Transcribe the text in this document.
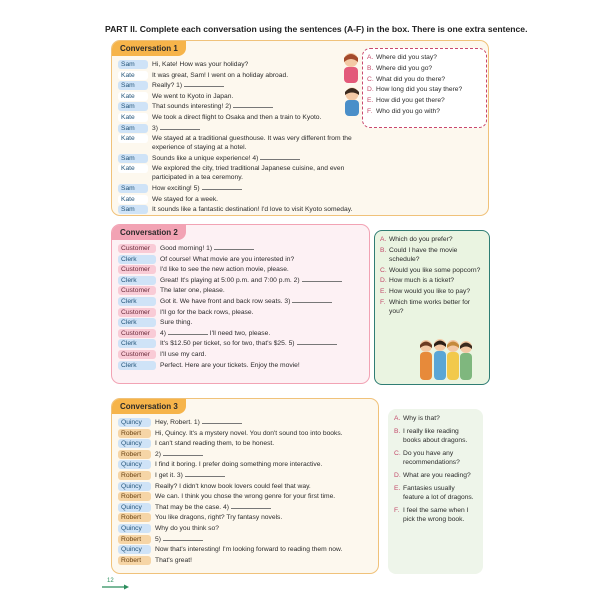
PART II. Complete each conversation using the sentences (A-F) in the box. There is one extra sentence.
Conversation 1
Sam	Hi, Kate! How was your holiday?
Kate	It was great, Sam! I went on a holiday abroad.
Sam	Really? 1)
Kate	We went to Kyoto in Japan.
Sam	That sounds interesting! 2)
Kate	We took a direct flight to Osaka and then a train to Kyoto.
Sam	3)
Kate	We stayed at a traditional guesthouse. It was very different from the experience of staying at a hotel.
Sam	Sounds like a unique experience! 4)
Kate	We explored the city, tried traditional Japanese cuisine, and even participated in a tea ceremony.
Sam	How exciting! 5)
Kate	We stayed for a week.
Sam	It sounds like a fantastic destination! I'd love to visit Kyoto someday.
A. Where did you stay?
B. Where did you go?
C. What did you do there?
D. How long did you stay there?
E. How did you get there?
F. Who did you go with?
Conversation 2
Customer	Good morning! 1)
Clerk	Of course! What movie are you interested in?
Customer	I'd like to see the new action movie, please.
Clerk	Great! It's playing at 5:00 p.m. and 7:00 p.m. 2)
Customer	The later one, please.
Clerk	Got it. We have front and back row seats. 3)
Customer	I'll go for the back rows, please.
Clerk	Sure thing.
Customer	4)	I'll need two, please.
Clerk	It's $12.50 per ticket, so for two, that's $25. 5)
Customer	I'll use my card.
Clerk	Perfect. Here are your tickets. Enjoy the movie!
A. Which do you prefer?
B. Could I have the movie schedule?
C. Would you like some popcorn?
D. How much is a ticket?
E. How would you like to pay?
F. Which time works better for you?
Conversation 3
Quincy	Hey, Robert. 1)
Robert	Hi, Quincy. It's a mystery novel. You don't sound too into books.
Quincy	I can't stand reading them, to be honest.
Robert	2)
Quincy	I find it boring. I prefer doing something more interactive.
Robert	I get it. 3)
Quincy	Really? I didn't know book lovers could feel that way.
Robert	We can. I think you chose the wrong genre for your first time.
Quincy	That may be the case. 4)
Robert	You like dragons, right? Try fantasy novels.
Quincy	Why do you think so?
Robert	5)
Quincy	Now that's interesting! I'm looking forward to reading them now.
Robert	That's great!
A. Why is that?
B. I really like reading books about dragons.
C. Do you have any recommendations?
D. What are you reading?
E. Fantasies usually feature a lot of dragons.
F. I feel the same when I pick the wrong book.
12
